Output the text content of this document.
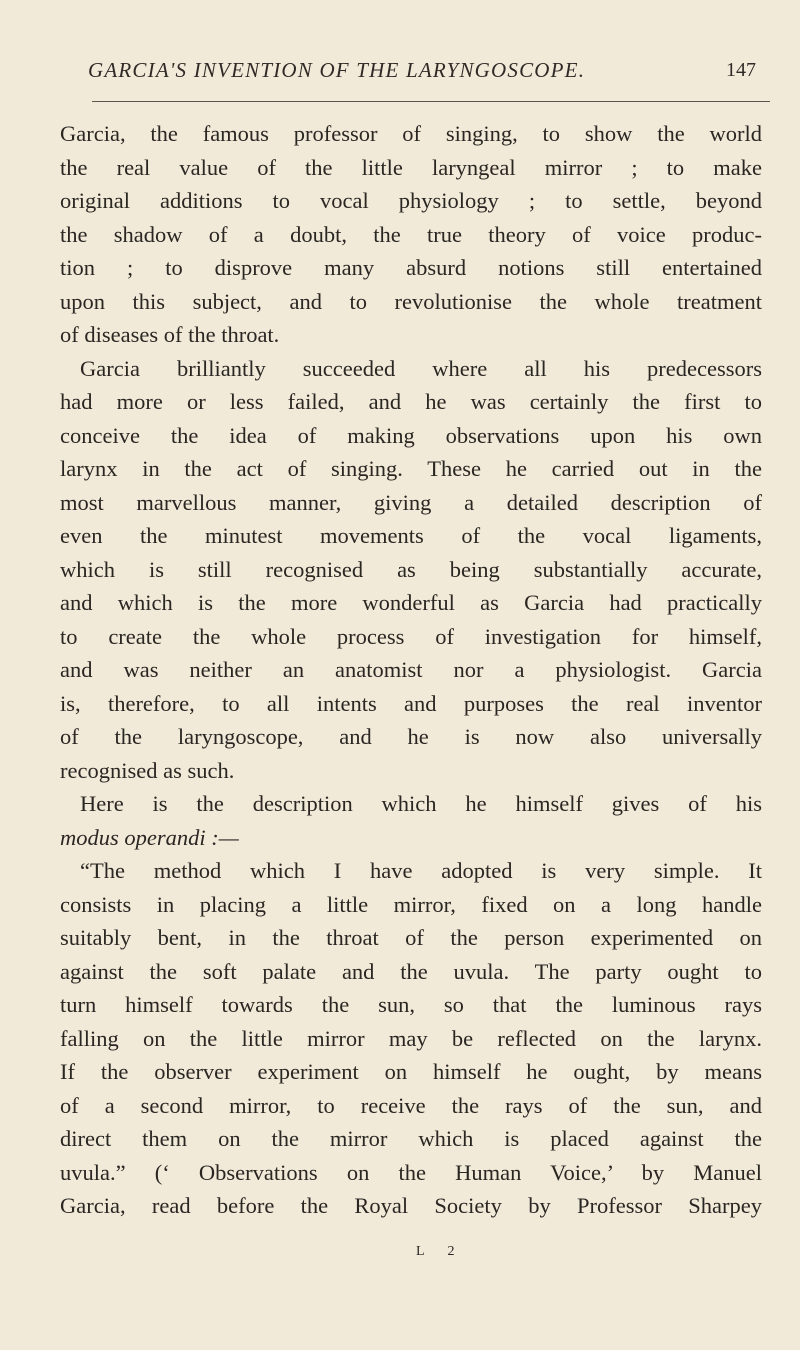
GARCIA'S INVENTION OF THE LARYNGOSCOPE.	147
Garcia, the famous professor of singing, to show the world
the real value of the little laryngeal mirror ; to make
original additions to vocal physiology ; to settle, beyond
the shadow of a doubt, the true theory of voice produc-
tion ; to disprove many absurd notions still entertained
upon this subject, and to revolutionise the whole treatment
of diseases of the throat.
Garcia brilliantly succeeded where all his predecessors
had more or less failed, and he was certainly the first to
conceive the idea of making observations upon his own
larynx in the act of singing. These he carried out in the
most marvellous manner, giving a detailed description of
even the minutest movements of the vocal ligaments,
which is still recognised as being substantially accurate,
and which is the more wonderful as Garcia had practically
to create the whole process of investigation for himself,
and was neither an anatomist nor a physiologist. Garcia
is, therefore, to all intents and purposes the real inventor
of the laryngoscope, and he is now also universally
recognised as such.
Here is the description which he himself gives of his
modus operandi :—
“The method which I have adopted is very simple. It
consists in placing a little mirror, fixed on a long handle
suitably bent, in the throat of the person experimented on
against the soft palate and the uvula. The party ought to
turn himself towards the sun, so that the luminous rays
falling on the little mirror may be reflected on the larynx.
If the observer experiment on himself he ought, by means
of a second mirror, to receive the rays of the sun, and
direct them on the mirror which is placed against the
uvula.” (‘ Observations on the Human Voice,’ by Manuel
Garcia, read before the Royal Society by Professor Sharpey
L 2
